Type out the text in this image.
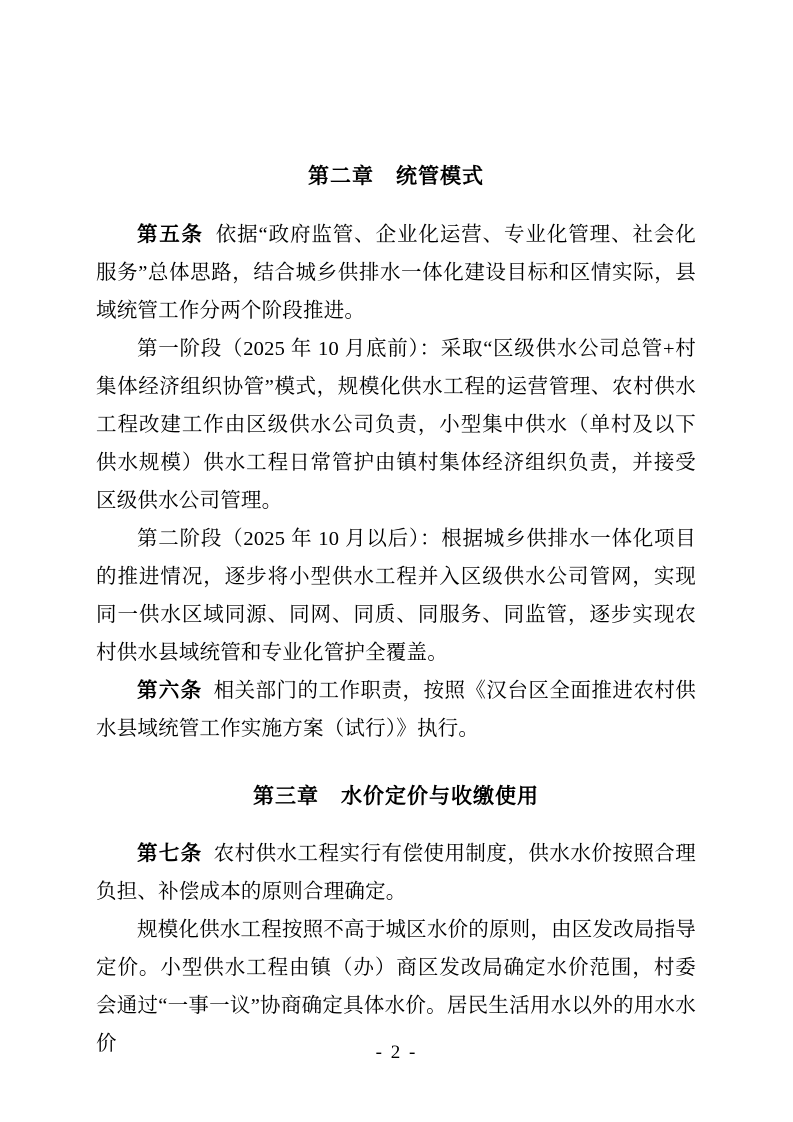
第二章　统管模式

第五条 依据“政府监管、企业化运营、专业化管理、社会化服务”总体思路，结合城乡供排水一体化建设目标和区情实际，县域统管工作分两个阶段推进。

第一阶段（2025 年 10 月底前）：采取“区级供水公司总管+村集体经济组织协管”模式，规模化供水工程的运营管理、农村供水工程改建工作由区级供水公司负责，小型集中供水（单村及以下供水规模）供水工程日常管护由镇村集体经济组织负责，并接受区级供水公司管理。

第二阶段（2025 年 10 月以后）：根据城乡供排水一体化项目的推进情况，逐步将小型供水工程并入区级供水公司管网，实现同一供水区域同源、同网、同质、同服务、同监管，逐步实现农村供水县域统管和专业化管护全覆盖。

第六条 相关部门的工作职责，按照《汉台区全面推进农村供水县域统管工作实施方案（试行）》执行。

第三章　水价定价与收缴使用

第七条 农村供水工程实行有偿使用制度，供水水价按照合理负担、补偿成本的原则合理确定。

规模化供水工程按照不高于城区水价的原则，由区发改局指导定价。小型供水工程由镇（办）商区发改局确定水价范围，村委会通过“一事一议”协商确定具体水价。居民生活用水以外的用水水价	- 2 -
